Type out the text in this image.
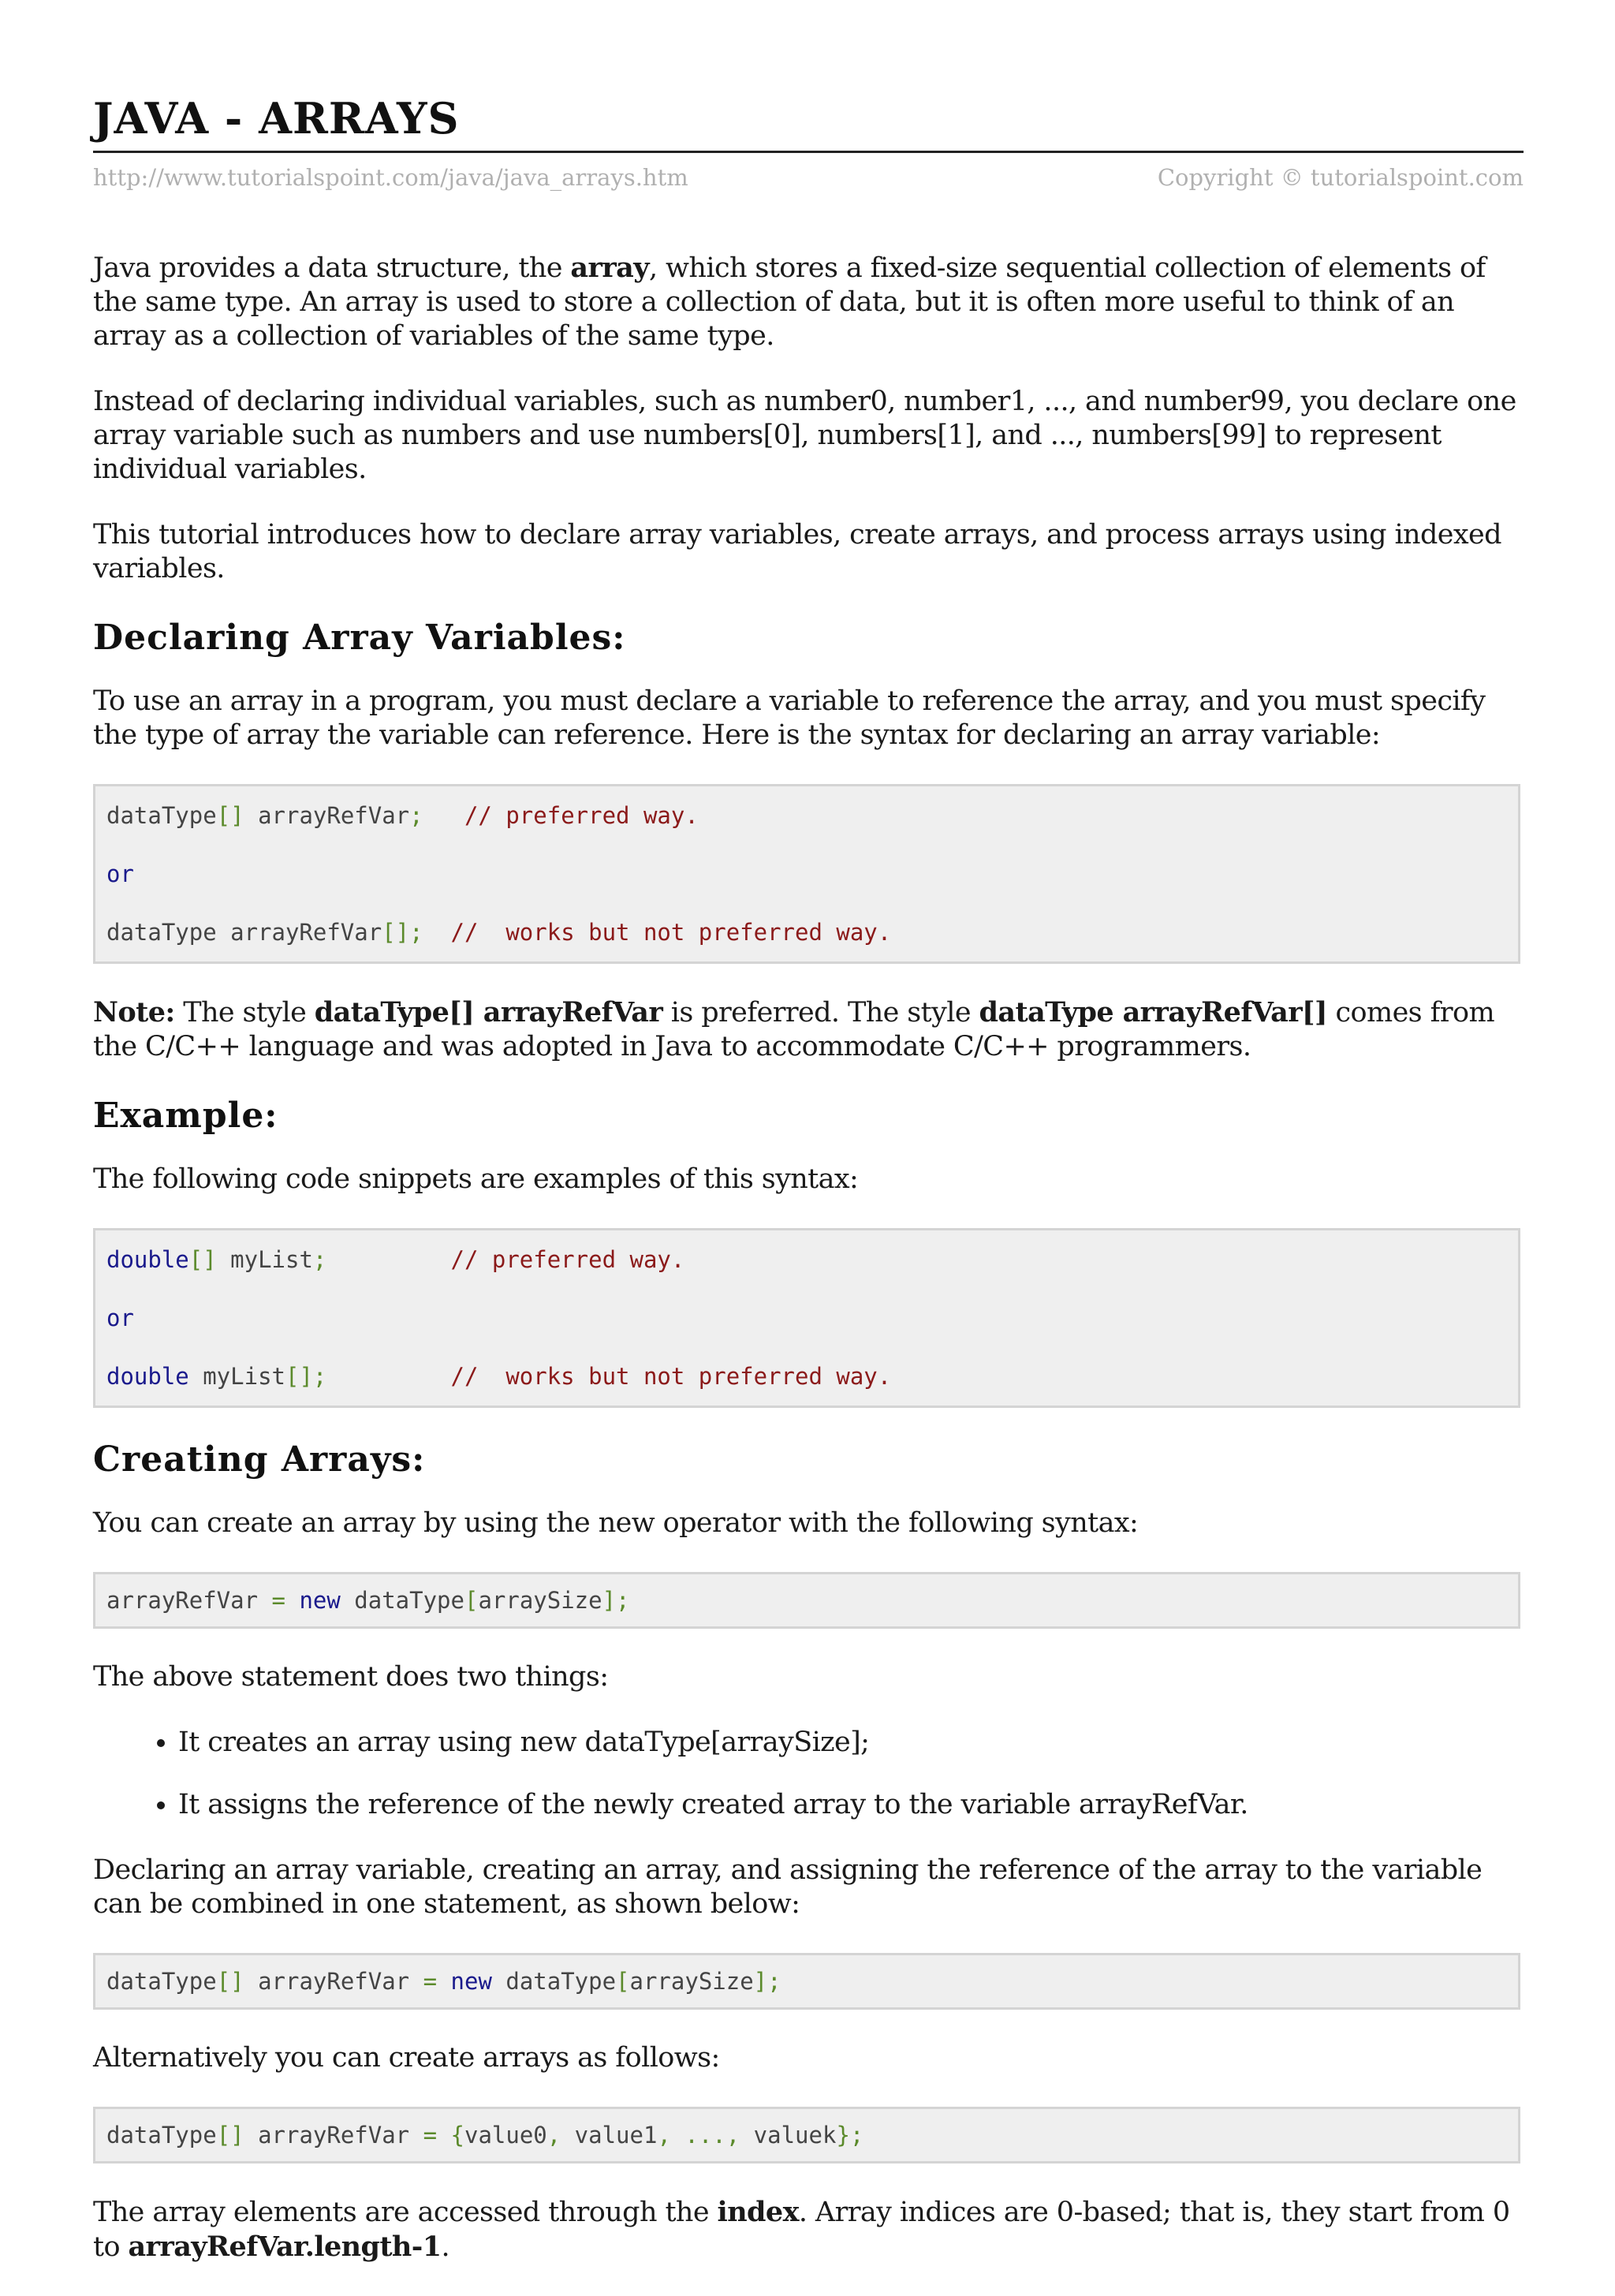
JAVA - ARRAYS
http://www.tutorialspoint.com/java/java_arrays.htm	Copyright © tutorialspoint.com

Java provides a data structure, the array, which stores a fixed-size sequential collection of elements of the same type. An array is used to store a collection of data, but it is often more useful to think of an array as a collection of variables of the same type.

Instead of declaring individual variables, such as number0, number1, ..., and number99, you declare one array variable such as numbers and use numbers[0], numbers[1], and ..., numbers[99] to represent individual variables.

This tutorial introduces how to declare array variables, create arrays, and process arrays using indexed variables.

Declaring Array Variables:

To use an array in a program, you must declare a variable to reference the array, and you must specify the type of array the variable can reference. Here is the syntax for declaring an array variable:

dataType[] arrayRefVar;   // preferred way.
or
dataType arrayRefVar[];  //  works but not preferred way.

Note: The style dataType[] arrayRefVar is preferred. The style dataType arrayRefVar[] comes from the C/C++ language and was adopted in Java to accommodate C/C++ programmers.

Example:

The following code snippets are examples of this syntax:

double[] myList;         // preferred way.
or
double myList[];         //  works but not preferred way.
Creating Arrays:

You can create an array by using the new operator with the following syntax:

arrayRefVar = new dataType[arraySize];

The above statement does two things:

• It creates an array using new dataType[arraySize];
• It assigns the reference of the newly created array to the variable arrayRefVar.

Declaring an array variable, creating an array, and assigning the reference of the array to the variable can be combined in one statement, as shown below:

dataType[] arrayRefVar = new dataType[arraySize];

Alternatively you can create arrays as follows:

dataType[] arrayRefVar = {value0, value1, ..., valuek};

The array elements are accessed through the index. Array indices are 0-based; that is, they start from 0 to arrayRefVar.length-1.
